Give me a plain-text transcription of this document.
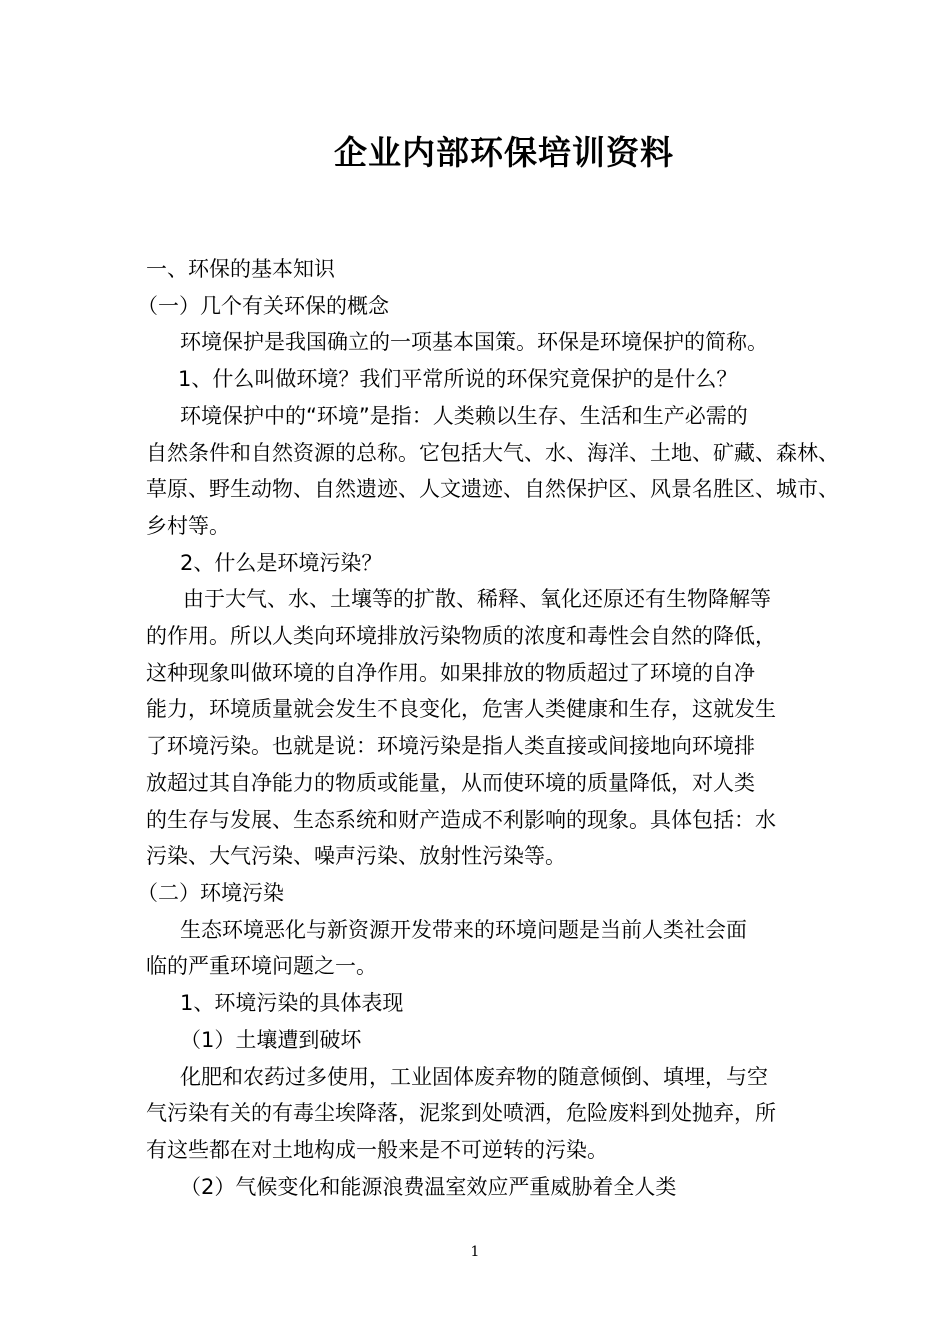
企业内部环保培训资料
一、环保的基本知识
（一）几个有关环保的概念
环境保护是我国确立的一项基本国策。环保是环境保护的简称。
1、什么叫做环境？我们平常所说的环保究竟保护的是什么？
环境保护中的“环境”是指：人类赖以生存、生活和生产必需的
自然条件和自然资源的总称。它包括大气、水、海洋、土地、矿藏、森林、
草原、野生动物、自然遗迹、人文遗迹、自然保护区、风景名胜区、城市、
乡村等。
2、什么是环境污染？
由于大气、水、土壤等的扩散、稀释、氧化还原还有生物降解等
的作用。所以人类向环境排放污染物质的浓度和毒性会自然的降低，
这种现象叫做环境的自净作用。如果排放的物质超过了环境的自净
能力，环境质量就会发生不良变化，危害人类健康和生存，这就发生
了环境污染。也就是说：环境污染是指人类直接或间接地向环境排
放超过其自净能力的物质或能量，从而使环境的质量降低，对人类
的生存与发展、生态系统和财产造成不利影响的现象。具体包括：水
污染、大气污染、噪声污染、放射性污染等。
（二）环境污染
生态环境恶化与新资源开发带来的环境问题是当前人类社会面
临的严重环境问题之一。
1、环境污染的具体表现
（1）土壤遭到破坏
化肥和农药过多使用，工业固体废弃物的随意倾倒、填埋，与空
气污染有关的有毒尘埃降落，泥浆到处喷洒，危险废料到处抛弃，所
有这些都在对土地构成一般来是不可逆转的污染。
（2）气候变化和能源浪费温室效应严重威胁着全人类
1
